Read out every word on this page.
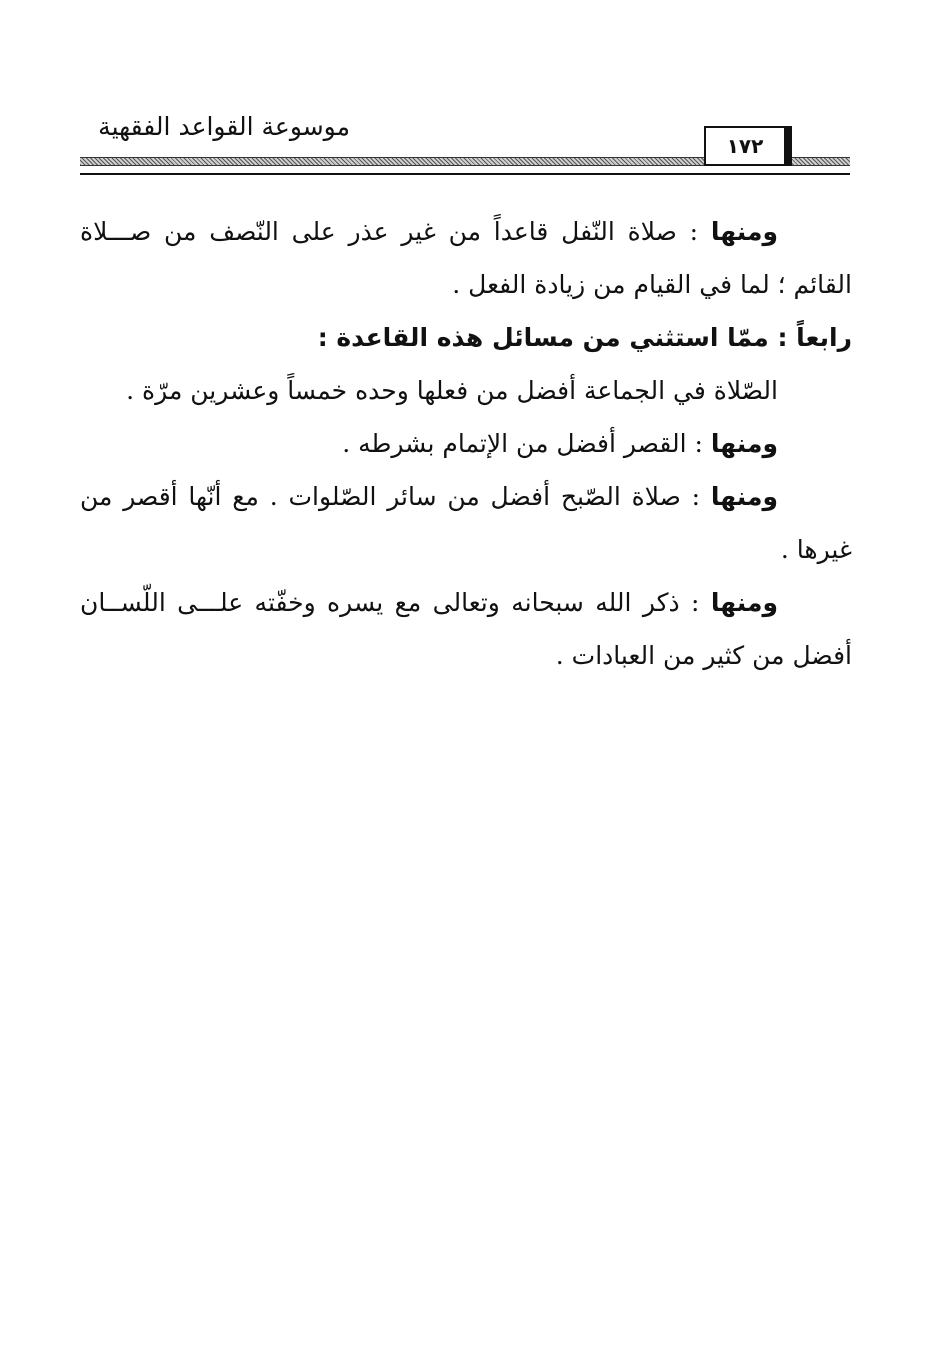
موسوعة القواعد الفقهية
١٧٢

ومنها : صلاة النّفل قاعداً من غير عذر على النّصف من صـــلاة القائم ؛ لما في القيام من زيادة الفعل .

رابعاً : ممّا استثني من مسائل هذه القاعدة :

الصّلاة في الجماعة أفضل من فعلها وحده خمساً وعشرين مرّة .

ومنها : القصر أفضل من الإتمام بشرطه .

ومنها : صلاة الصّبح أفضل من سائر الصّلوات . مع أنّها أقصر من غيرها .

ومنها : ذكر الله سبحانه وتعالى مع يسره وخفّته علـــى اللّســان أفضل من كثير من العبادات .
